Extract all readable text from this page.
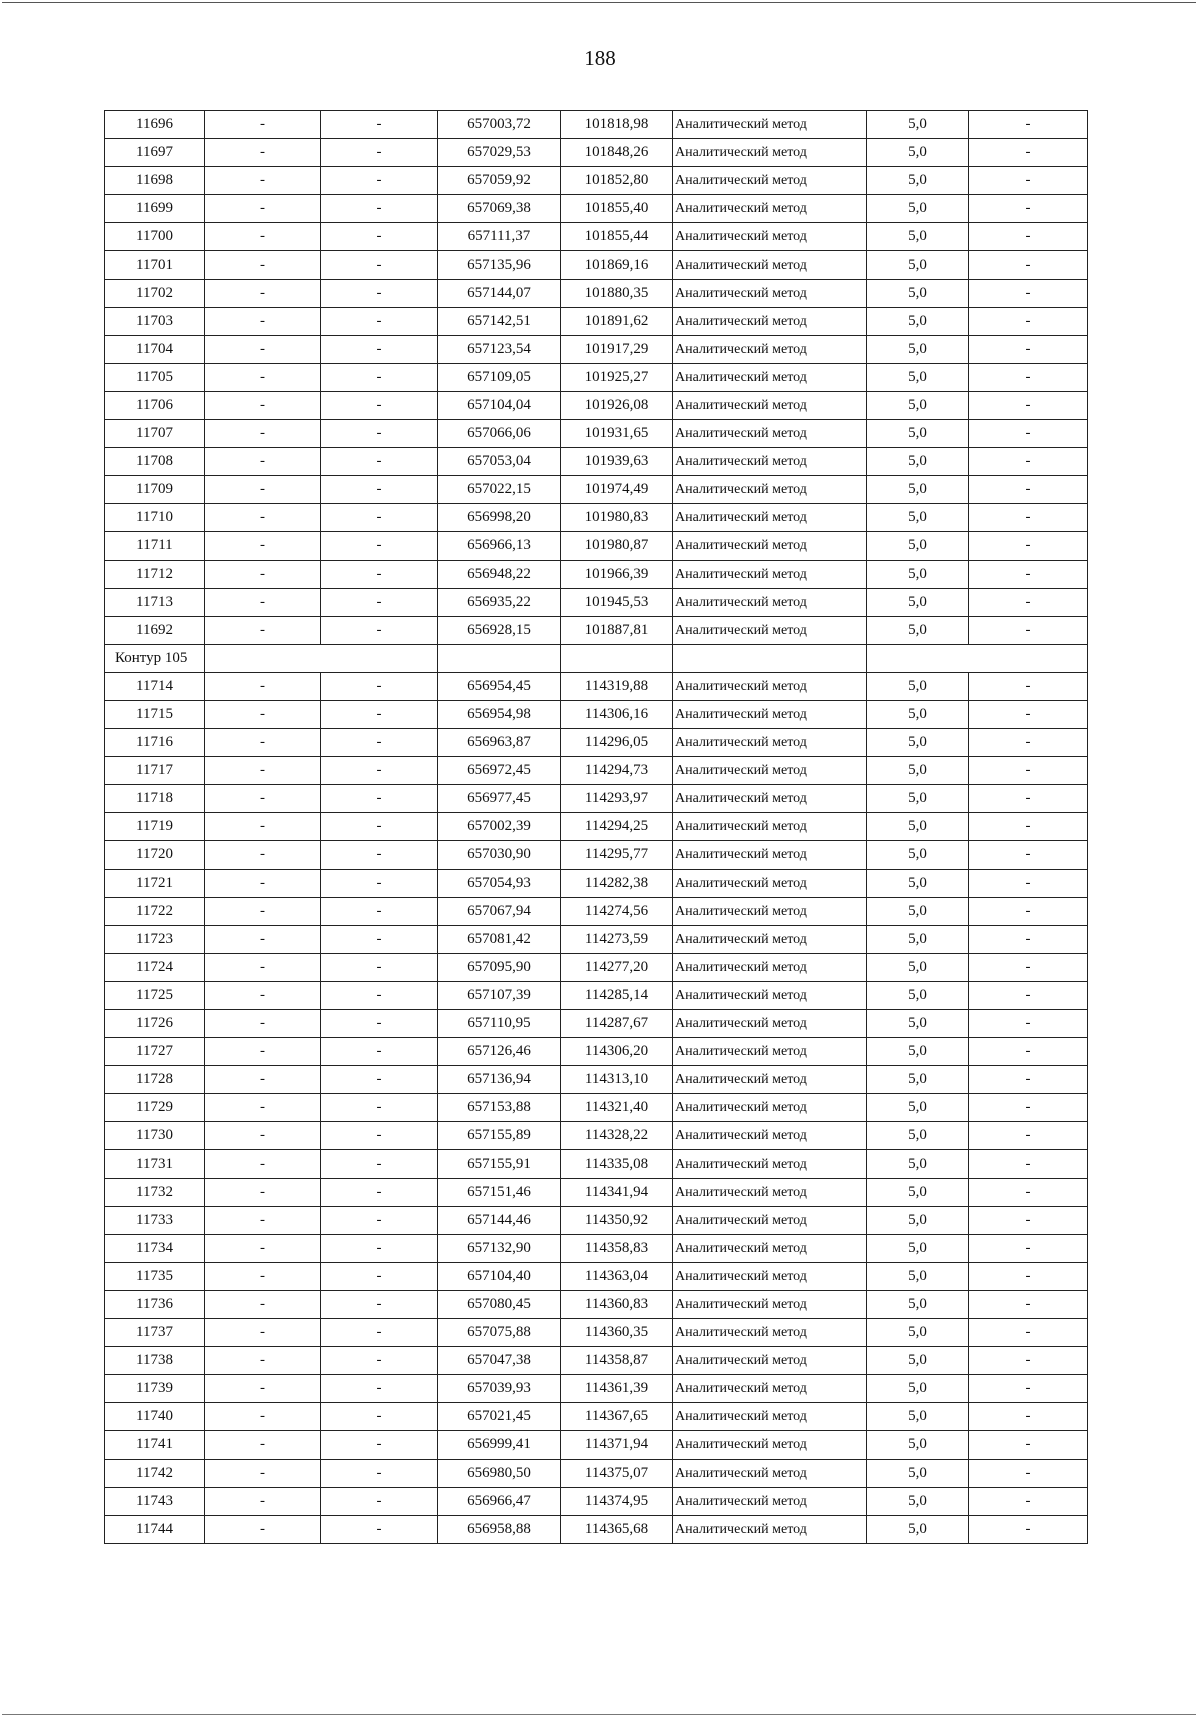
188
11696	-	-	657003,72	101818,98	Аналитический метод	5,0	-
11697	-	-	657029,53	101848,26	Аналитический метод	5,0	-
11698	-	-	657059,92	101852,80	Аналитический метод	5,0	-
11699	-	-	657069,38	101855,40	Аналитический метод	5,0	-
11700	-	-	657111,37	101855,44	Аналитический метод	5,0	-
11701	-	-	657135,96	101869,16	Аналитический метод	5,0	-
11702	-	-	657144,07	101880,35	Аналитический метод	5,0	-
11703	-	-	657142,51	101891,62	Аналитический метод	5,0	-
11704	-	-	657123,54	101917,29	Аналитический метод	5,0	-
11705	-	-	657109,05	101925,27	Аналитический метод	5,0	-
11706	-	-	657104,04	101926,08	Аналитический метод	5,0	-
11707	-	-	657066,06	101931,65	Аналитический метод	5,0	-
11708	-	-	657053,04	101939,63	Аналитический метод	5,0	-
11709	-	-	657022,15	101974,49	Аналитический метод	5,0	-
11710	-	-	656998,20	101980,83	Аналитический метод	5,0	-
11711	-	-	656966,13	101980,87	Аналитический метод	5,0	-
11712	-	-	656948,22	101966,39	Аналитический метод	5,0	-
11713	-	-	656935,22	101945,53	Аналитический метод	5,0	-
11692	-	-	656928,15	101887,81	Аналитический метод	5,0	-
Контур 105							
11714	-	-	656954,45	114319,88	Аналитический метод	5,0	-
11715	-	-	656954,98	114306,16	Аналитический метод	5,0	-
11716	-	-	656963,87	114296,05	Аналитический метод	5,0	-
11717	-	-	656972,45	114294,73	Аналитический метод	5,0	-
11718	-	-	656977,45	114293,97	Аналитический метод	5,0	-
11719	-	-	657002,39	114294,25	Аналитический метод	5,0	-
11720	-	-	657030,90	114295,77	Аналитический метод	5,0	-
11721	-	-	657054,93	114282,38	Аналитический метод	5,0	-
11722	-	-	657067,94	114274,56	Аналитический метод	5,0	-
11723	-	-	657081,42	114273,59	Аналитический метод	5,0	-
11724	-	-	657095,90	114277,20	Аналитический метод	5,0	-
11725	-	-	657107,39	114285,14	Аналитический метод	5,0	-
11726	-	-	657110,95	114287,67	Аналитический метод	5,0	-
11727	-	-	657126,46	114306,20	Аналитический метод	5,0	-
11728	-	-	657136,94	114313,10	Аналитический метод	5,0	-
11729	-	-	657153,88	114321,40	Аналитический метод	5,0	-
11730	-	-	657155,89	114328,22	Аналитический метод	5,0	-
11731	-	-	657155,91	114335,08	Аналитический метод	5,0	-
11732	-	-	657151,46	114341,94	Аналитический метод	5,0	-
11733	-	-	657144,46	114350,92	Аналитический метод	5,0	-
11734	-	-	657132,90	114358,83	Аналитический метод	5,0	-
11735	-	-	657104,40	114363,04	Аналитический метод	5,0	-
11736	-	-	657080,45	114360,83	Аналитический метод	5,0	-
11737	-	-	657075,88	114360,35	Аналитический метод	5,0	-
11738	-	-	657047,38	114358,87	Аналитический метод	5,0	-
11739	-	-	657039,93	114361,39	Аналитический метод	5,0	-
11740	-	-	657021,45	114367,65	Аналитический метод	5,0	-
11741	-	-	656999,41	114371,94	Аналитический метод	5,0	-
11742	-	-	656980,50	114375,07	Аналитический метод	5,0	-
11743	-	-	656966,47	114374,95	Аналитический метод	5,0	-
11744	-	-	656958,88	114365,68	Аналитический метод	5,0	-
